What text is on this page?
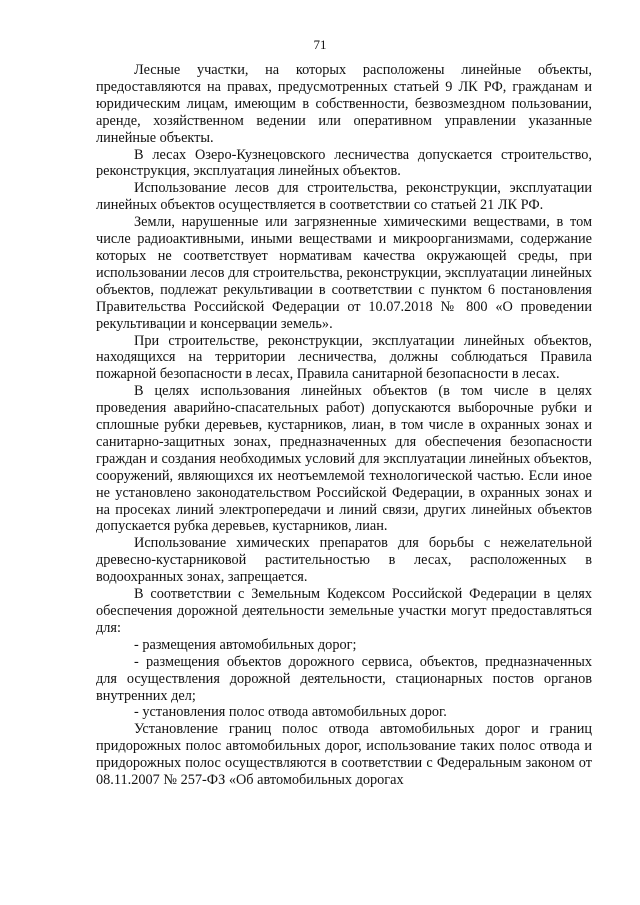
71

Лесные участки, на которых расположены линейные объекты, предоставляются на правах, предусмотренных статьей 9 ЛК РФ, гражданам и юридическим лицам, имеющим в собственности, безвозмездном пользовании, аренде, хозяйственном ведении или оперативном управлении указанные линейные объекты.

В лесах Озеро-Кузнецовского лесничества допускается строительство, реконструкция, эксплуатация линейных объектов.

Использование лесов для строительства, реконструкции, эксплуатации линейных объектов осуществляется в соответствии со статьей 21 ЛК РФ.

Земли, нарушенные или загрязненные химическими веществами, в том числе радиоактивными, иными веществами и микроорганизмами, содержание которых не соответствует нормативам качества окружающей среды, при использовании лесов для строительства, реконструкции, эксплуатации линейных объектов, подлежат рекультивации в соответствии с пунктом 6 постановления Правительства Российской Федерации от 10.07.2018 № 800 «О проведении рекультивации и консервации земель».

При строительстве, реконструкции, эксплуатации линейных объектов, находящихся на территории лесничества, должны соблюдаться Правила пожарной безопасности в лесах, Правила санитарной безопасности в лесах.

В целях использования линейных объектов (в том числе в целях проведения аварийно-спасательных работ) допускаются выборочные рубки и сплошные рубки деревьев, кустарников, лиан, в том числе в охранных зонах и санитарно-защитных зонах, предназначенных для обеспечения безопасности граждан и создания необходимых условий для эксплуатации линейных объектов, сооружений, являющихся их неотъемлемой технологической частью. Если иное не установлено законодательством Российской Федерации, в охранных зонах и на просеках линий электропередачи и линий связи, других линейных объектов допускается рубка деревьев, кустарников, лиан.

Использование химических препаратов для борьбы с нежелательной древесно-кустарниковой растительностью в лесах, расположенных в водоохранных зонах, запрещается.

В соответствии с Земельным Кодексом Российской Федерации в целях обеспечения дорожной деятельности земельные участки могут предоставляться для:

- размещения автомобильных дорог;

- размещения объектов дорожного сервиса, объектов, предназначенных для осуществления дорожной деятельности, стационарных постов органов внутренних дел;

- установления полос отвода автомобильных дорог.

Установление границ полос отвода автомобильных дорог и границ придорожных полос автомобильных дорог, использование таких полос отвода и придорожных полос осуществляются в соответствии с Федеральным законом от 08.11.2007 № 257-ФЗ «Об автомобильных дорогах
